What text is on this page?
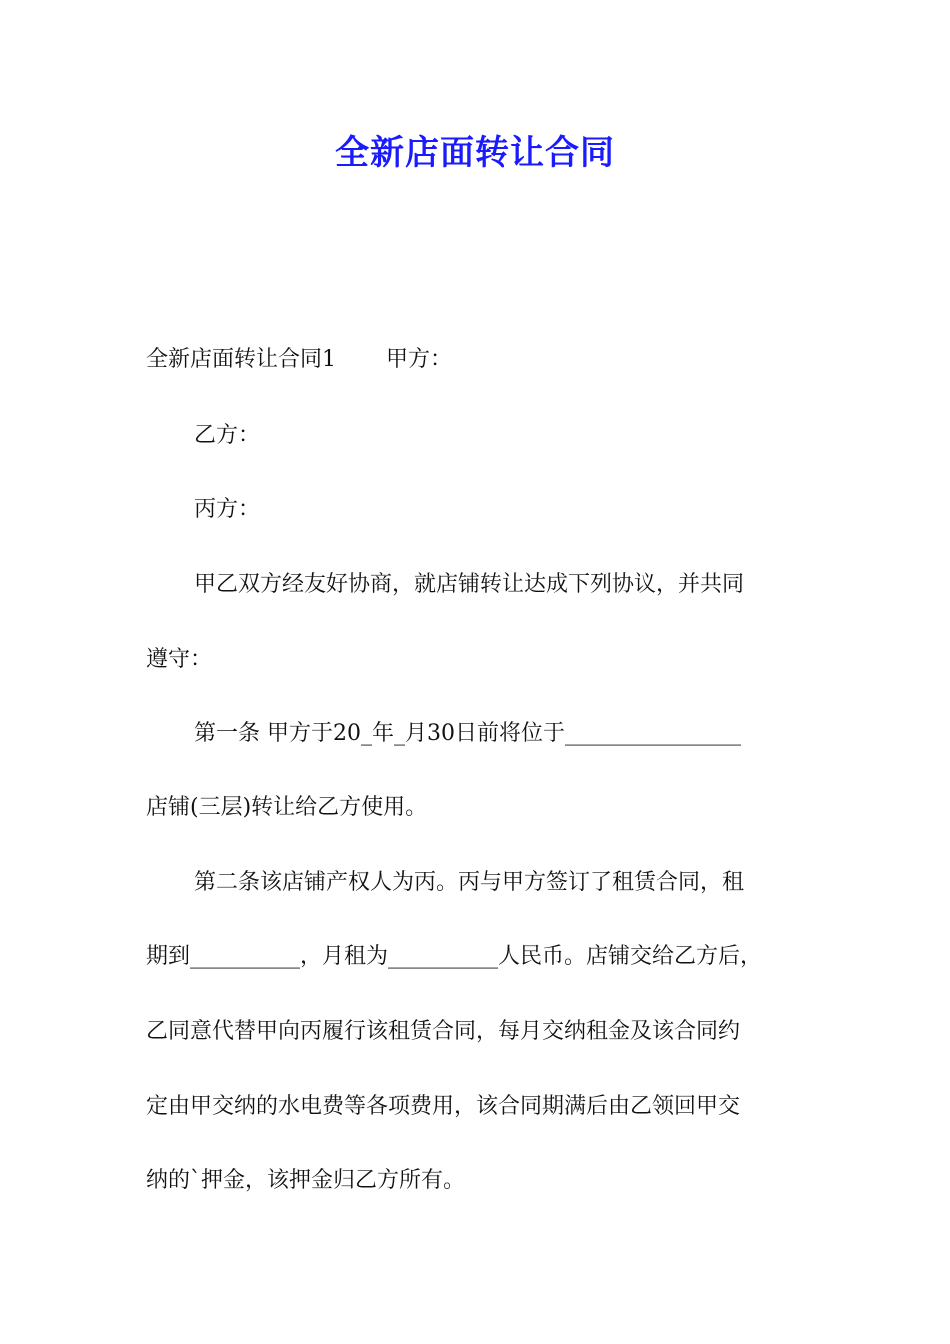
全新店面转让合同
全新店面转让合同1 甲方：
乙方：
丙方：
甲乙双方经友好协商，就店铺转让达成下列协议，并共同
遵守：
第一条 甲方于20_年_月30日前将位于________________
店铺(三层)转让给乙方使用。
第二条该店铺产权人为丙。丙与甲方签订了租赁合同，租
期到__________，月租为__________人民币。店铺交给乙方后，
乙同意代替甲向丙履行该租赁合同，每月交纳租金及该合同约
定由甲交纳的水电费等各项费用，该合同期满后由乙领回甲交
纳的`押金，该押金归乙方所有。
